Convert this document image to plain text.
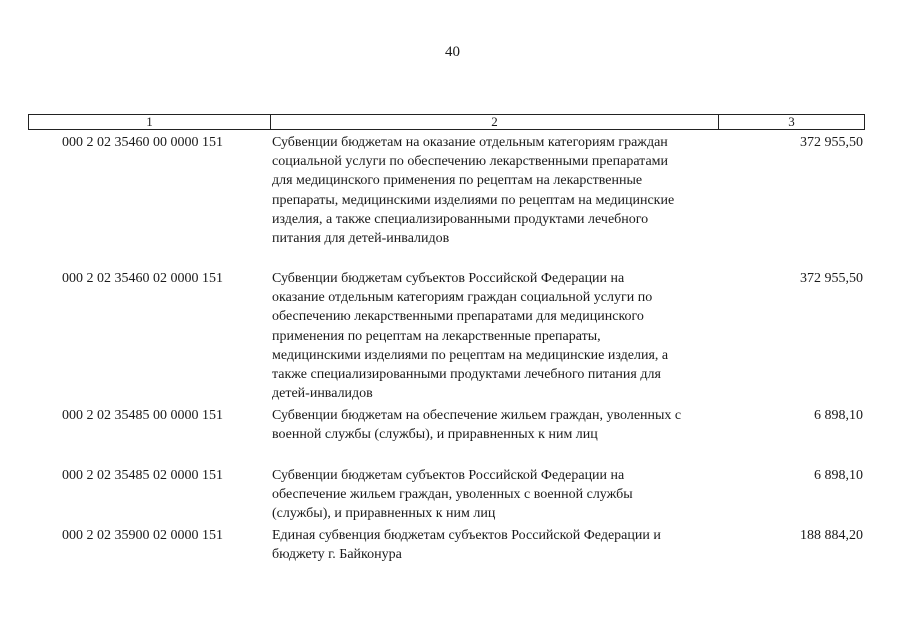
40
1	2	3
000 2 02 35460 00 0000 151	Субвенции бюджетам на оказание отдельным категориям граждан
социальной услуги по обеспечению лекарственными препаратами
для медицинского применения по рецептам на лекарственные
препараты, медицинскими изделиями по рецептам на медицинские
изделия, а также специализированными продуктами лечебного
питания для детей-инвалидов
372 955,50
000 2 02 35460 02 0000 151	Субвенции бюджетам субъектов Российской Федерации на
оказание отдельным категориям граждан социальной услуги по
обеспечению лекарственными препаратами для медицинского
применения по рецептам на лекарственные препараты,
медицинскими изделиями по рецептам на медицинские изделия, а
также специализированными продуктами лечебного питания для
детей-инвалидов
372 955,50
000 2 02 35485 00 0000 151	Субвенции бюджетам на обеспечение жильем граждан, уволенных с
военной службы (службы), и приравненных к ним лиц
6 898,10
000 2 02 35485 02 0000 151	Субвенции бюджетам субъектов Российской Федерации на
обеспечение жильем граждан, уволенных с военной службы
(службы), и приравненных к ним лиц
6 898,10
000 2 02 35900 02 0000 151	Единая субвенция бюджетам субъектов Российской Федерации и
бюджету г. Байконура
188 884,20
